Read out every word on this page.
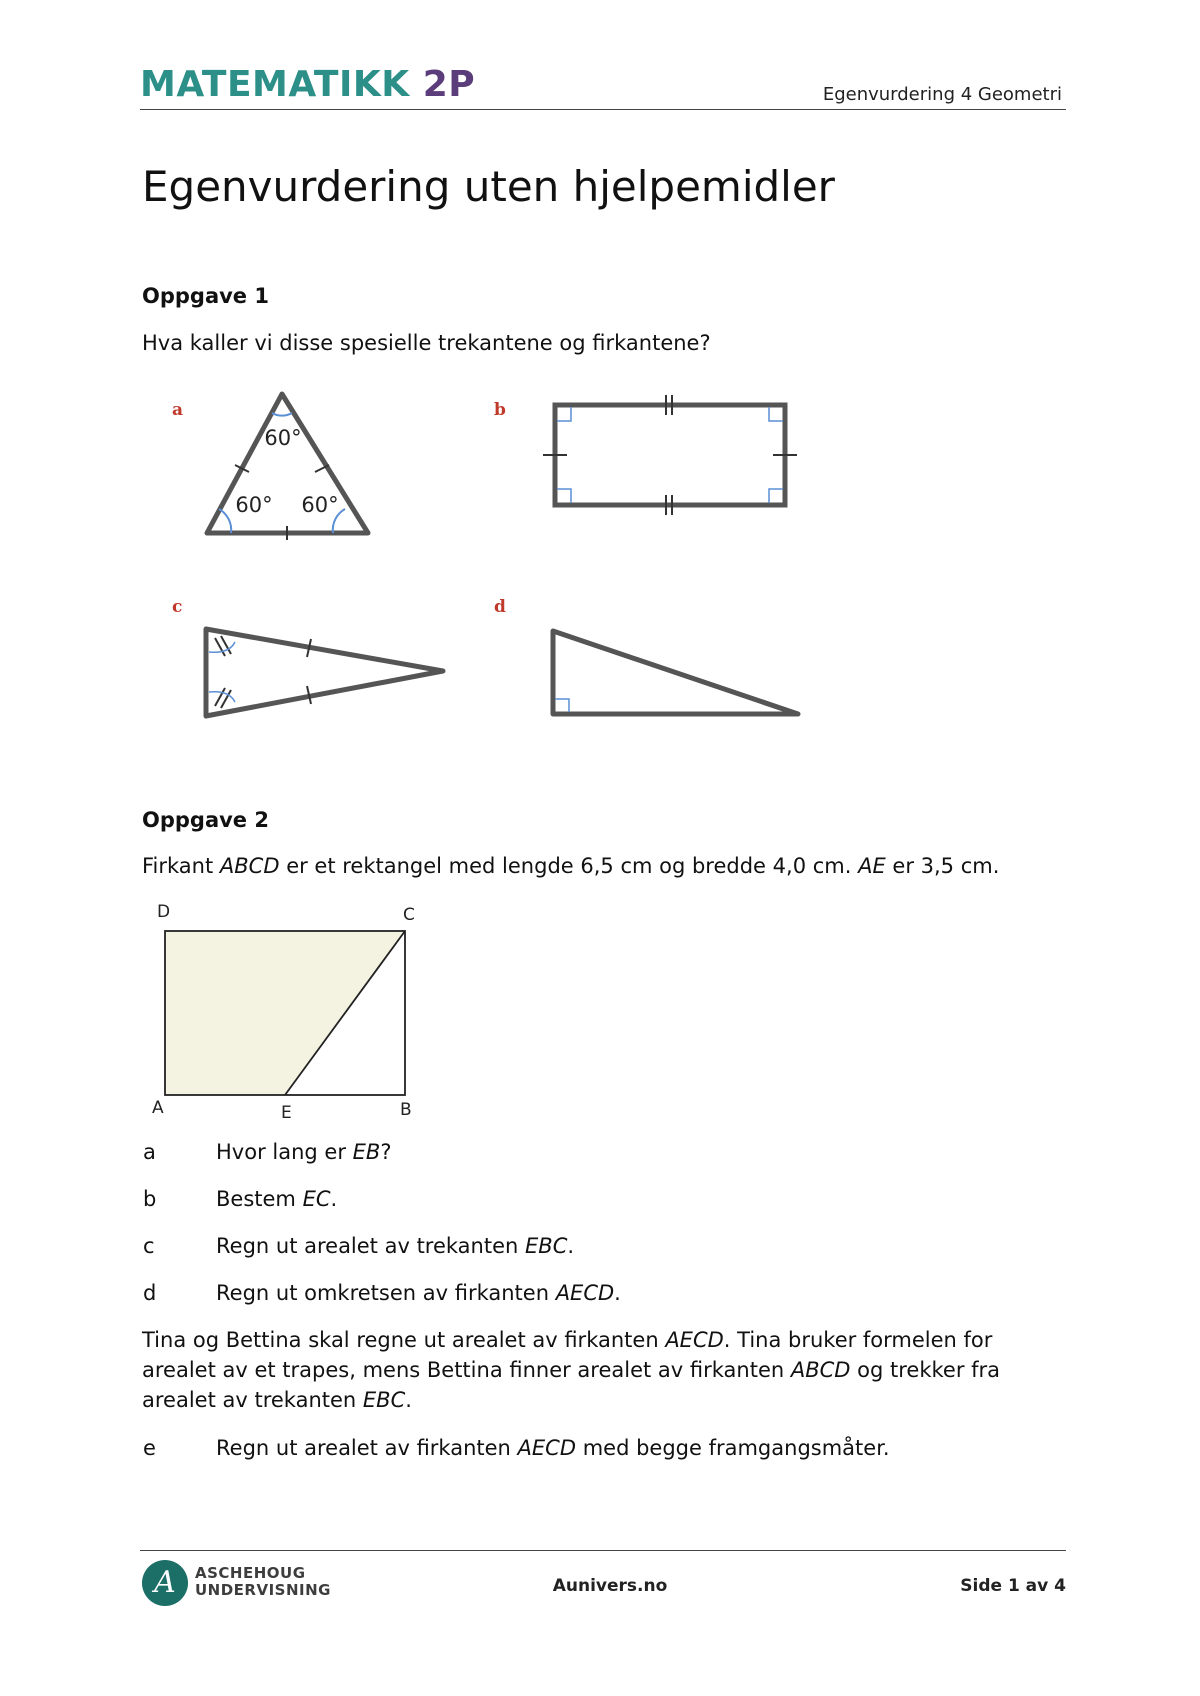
MATEMATIKK 2P	Egenvurdering 4 Geometri
Egenvurdering uten hjelpemidler
Oppgave 1
Hva kaller vi disse spesielle trekantene og firkantene?
a	b
c	d
60°
60° 60°
Oppgave 2
Firkant ABCD er et rektangel med lengde 6,5 cm og bredde 4,0 cm. AE er 3,5 cm.
D	C
A	E	B
a	Hvor lang er EB?
b	Bestem EC.
c	Regn ut arealet av trekanten EBC.
d	Regn ut omkretsen av firkanten AECD.
Tina og Bettina skal regne ut arealet av firkanten AECD. Tina bruker formelen for arealet av et trapes, mens Bettina finner arealet av firkanten ABCD og trekker fra arealet av trekanten EBC.
e	Regn ut arealet av firkanten AECD med begge framgangsmåter.
A	ASCHEHOUG
UNDERVISNING	Aunivers.no	Side 1 av 4
